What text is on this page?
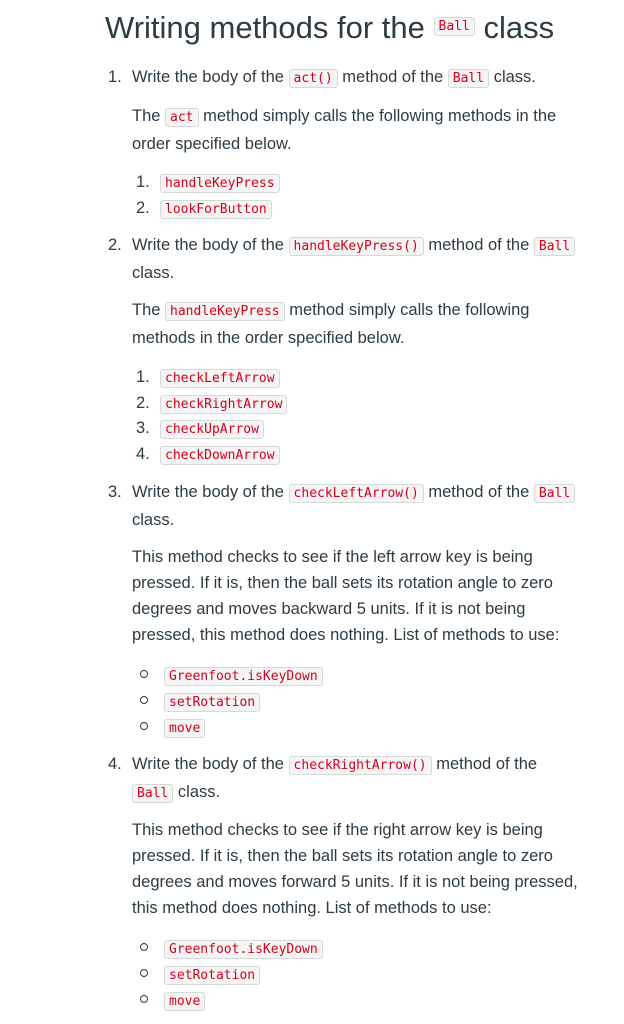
Writing methods for the Ball class
1. Write the body of the act() method of the Ball class.
The act method simply calls the following methods in the
order specified below.
1. handleKeyPress
2. lookForButton
2. Write the body of the handleKeyPress() method of the Ball
class.
The handleKeyPress method simply calls the following
methods in the order specified below.
1. checkLeftArrow
2. checkRightArrow
3. checkUpArrow
4. checkDownArrow
3. Write the body of the checkLeftArrow() method of the Ball
class.
This method checks to see if the left arrow key is being
pressed. If it is, then the ball sets its rotation angle to zero
degrees and moves backward 5 units. If it is not being
pressed, this method does nothing. List of methods to use:
Greenfoot.isKeyDown
setRotation
move
4. Write the body of the checkRightArrow() method of the
Ball class.
This method checks to see if the right arrow key is being
pressed. If it is, then the ball sets its rotation angle to zero
degrees and moves forward 5 units. If it is not being pressed,
this method does nothing. List of methods to use:
Greenfoot.isKeyDown
setRotation
move
